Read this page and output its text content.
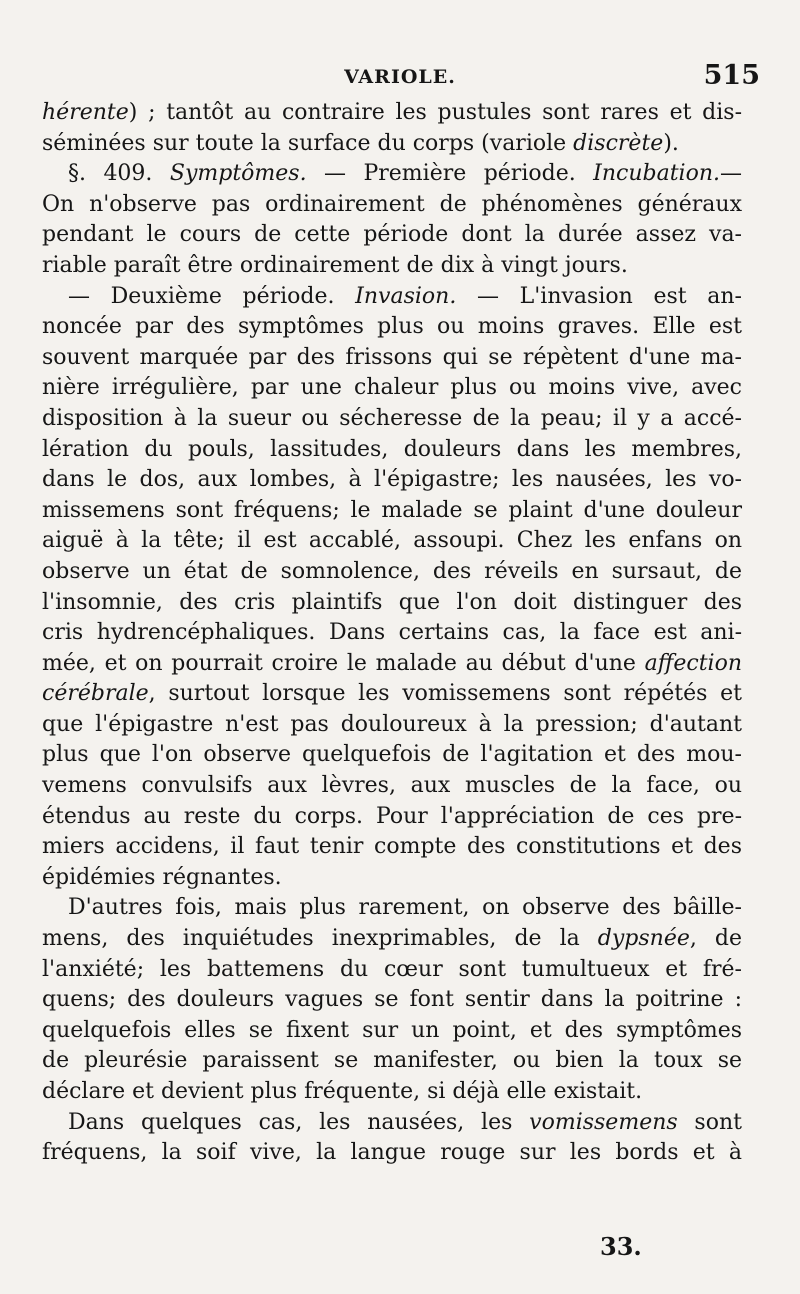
VARIOLE.	515
hérente) ; tantôt au contraire les pustules sont rares et dis-
séminées sur toute la surface du corps (variole discrète).
§. 409. Symptômes. — Première période. Incubation.—
On n'observe pas ordinairement de phénomènes généraux
pendant le cours de cette période dont la durée assez va-
riable paraît être ordinairement de dix à vingt jours.
— Deuxième période. Invasion. — L'invasion est an-
noncée par des symptômes plus ou moins graves. Elle est
souvent marquée par des frissons qui se répètent d'une ma-
nière irrégulière, par une chaleur plus ou moins vive, avec
disposition à la sueur ou sécheresse de la peau; il y a accé-
lération du pouls, lassitudes, douleurs dans les membres,
dans le dos, aux lombes, à l'épigastre; les nausées, les vo-
missemens sont fréquens; le malade se plaint d'une douleur
aiguë à la tête; il est accablé, assoupi. Chez les enfans on
observe un état de somnolence, des réveils en sursaut, de
l'insomnie, des cris plaintifs que l'on doit distinguer des
cris hydrencéphaliques. Dans certains cas, la face est ani-
mée, et on pourrait croire le malade au début d'une affection
cérébrale, surtout lorsque les vomissemens sont répétés et
que l'épigastre n'est pas douloureux à la pression; d'autant
plus que l'on observe quelquefois de l'agitation et des mou-
vemens convulsifs aux lèvres, aux muscles de la face, ou
étendus au reste du corps. Pour l'appréciation de ces pre-
miers accidens, il faut tenir compte des constitutions et des
épidémies régnantes.
D'autres fois, mais plus rarement, on observe des bâille-
mens, des inquiétudes inexprimables, de la dypsnée, de
l'anxiété; les battemens du cœur sont tumultueux et fré-
quens; des douleurs vagues se font sentir dans la poitrine :
quelquefois elles se fixent sur un point, et des symptômes
de pleurésie paraissent se manifester, ou bien la toux se
déclare et devient plus fréquente, si déjà elle existait.
Dans quelques cas, les nausées, les vomissemens sont
fréquens, la soif vive, la langue rouge sur les bords et à
33.
